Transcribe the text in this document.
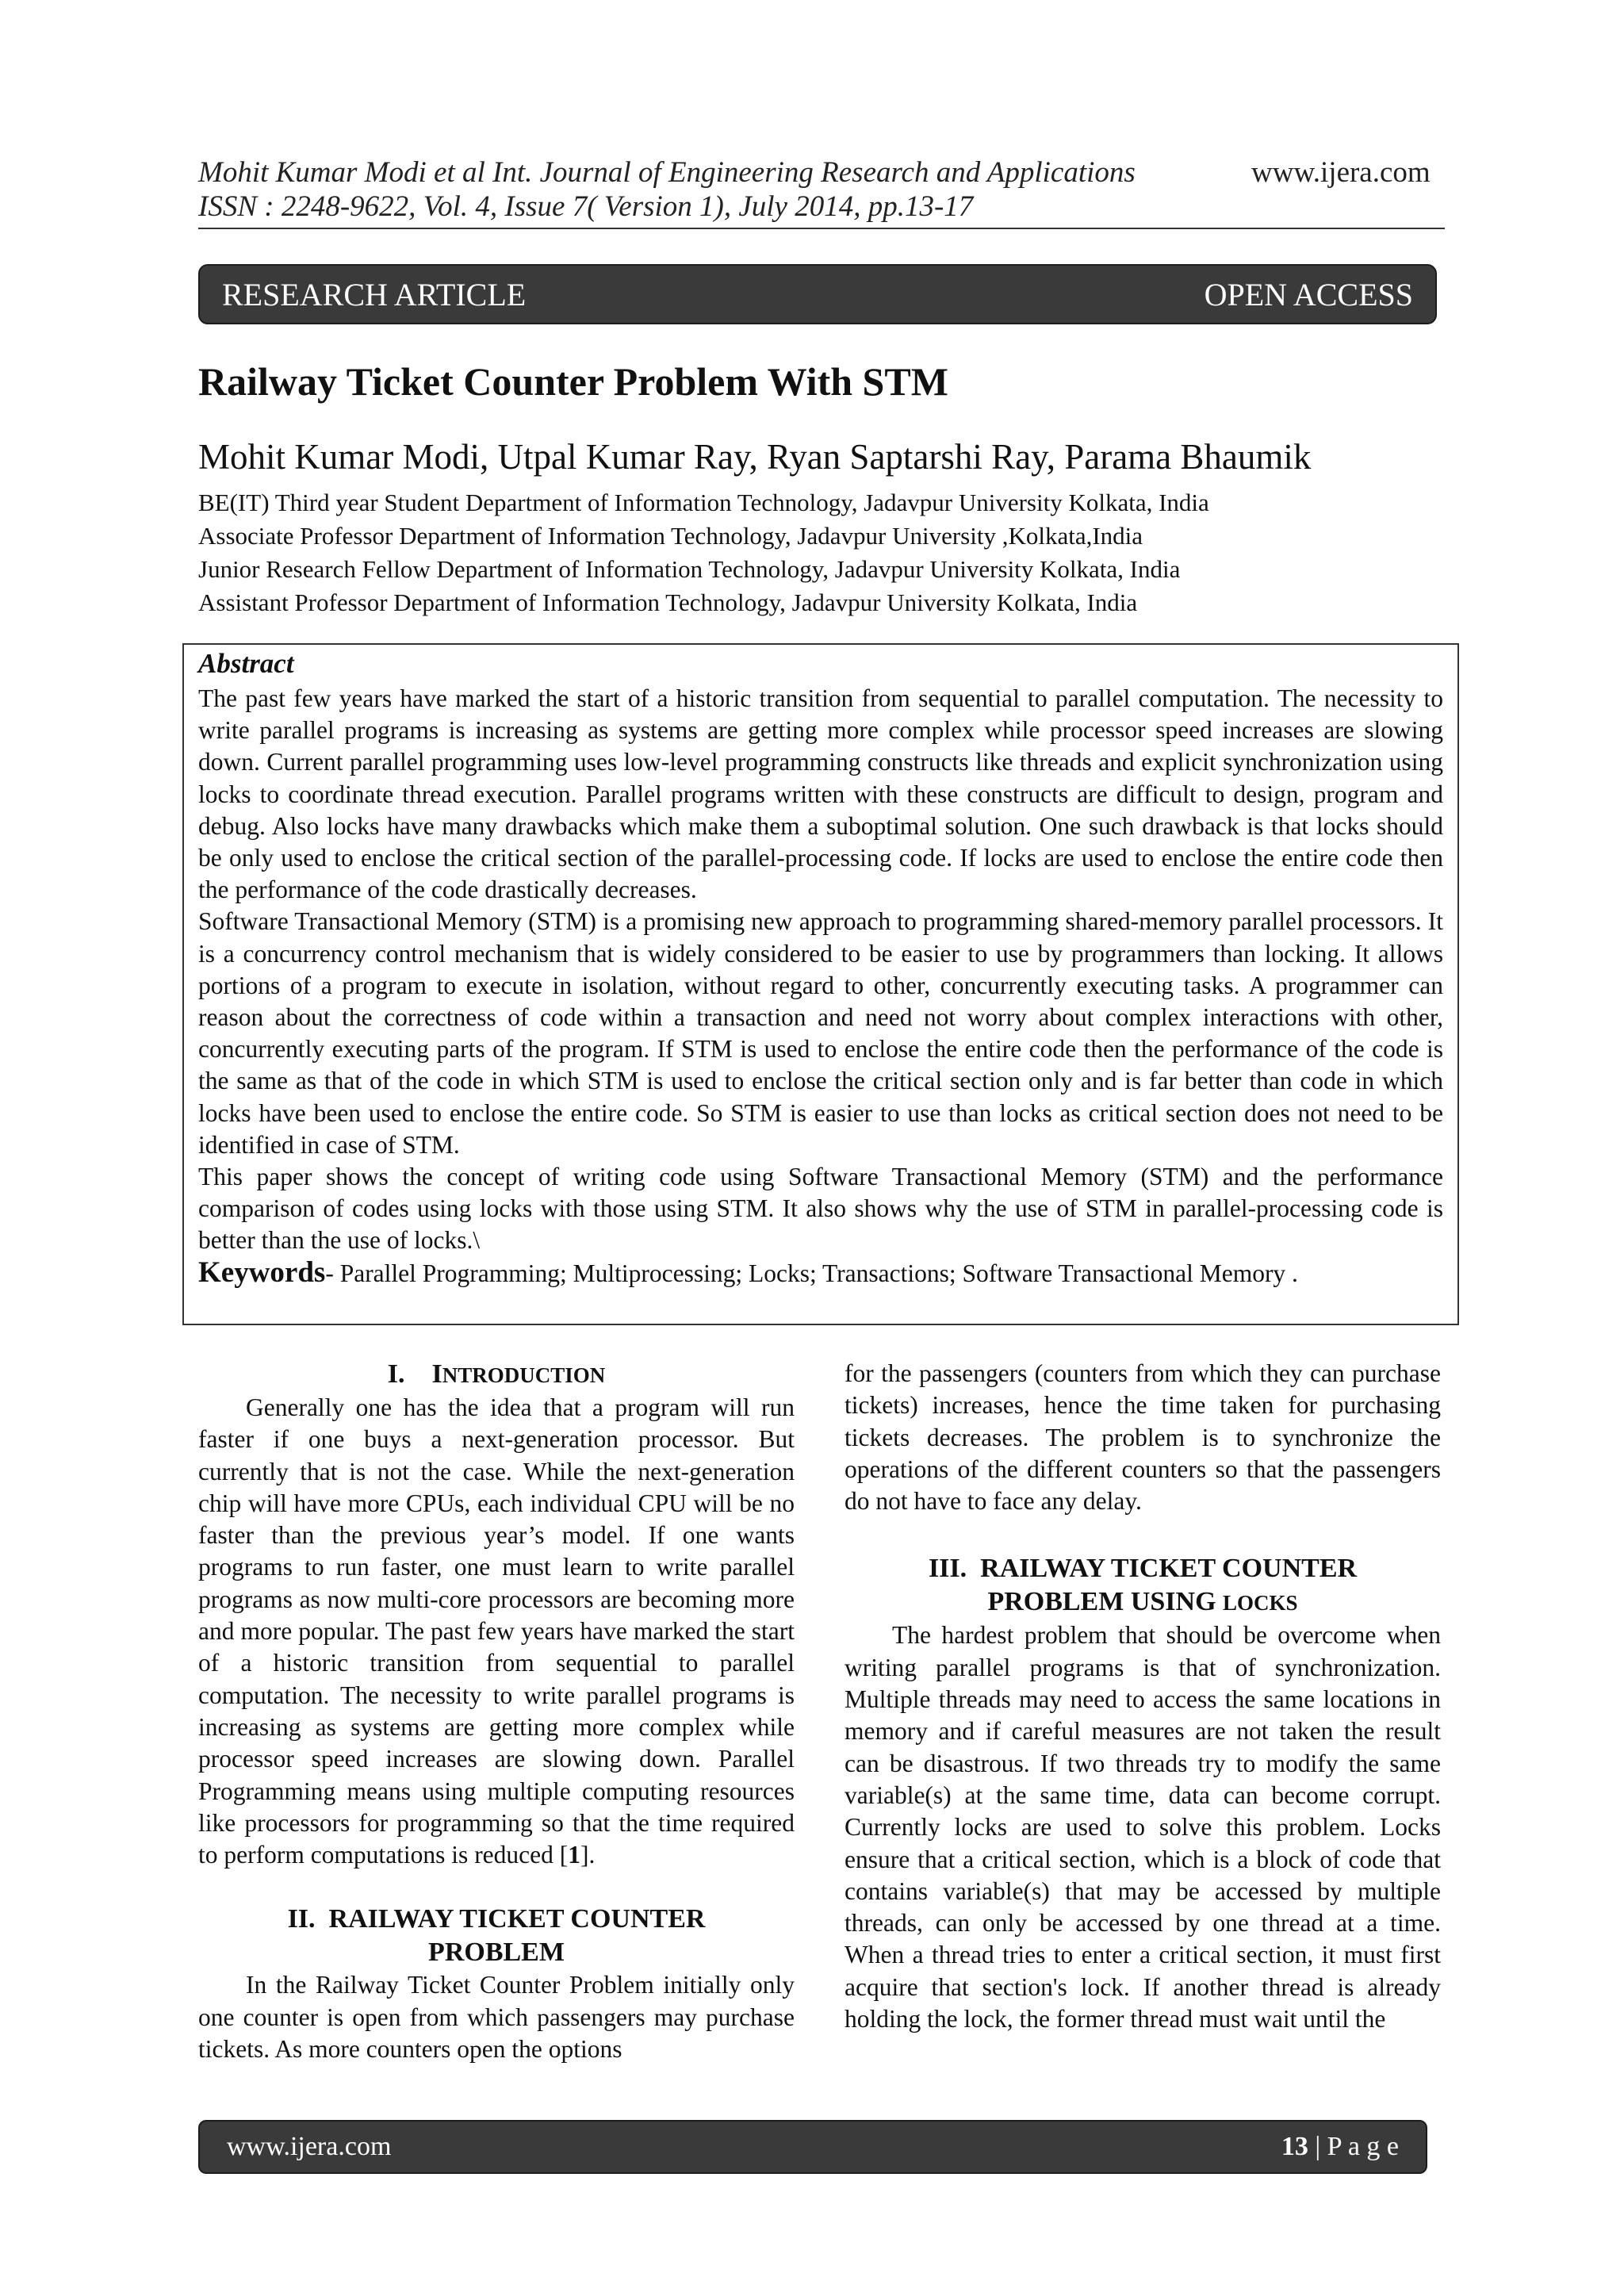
Mohit Kumar Modi et al Int. Journal of Engineering Research and Applications
ISSN : 2248-9622, Vol. 4, Issue 7( Version 1), July 2014, pp.13-17
www.ijera.com
RESEARCH ARTICLE	OPEN ACCESS
Railway Ticket Counter Problem With STM
Mohit Kumar Modi, Utpal Kumar Ray, Ryan Saptarshi Ray, Parama Bhaumik
BE(IT) Third year Student Department of Information Technology, Jadavpur University Kolkata, India
Associate Professor Department of Information Technology, Jadavpur University ,Kolkata,India
Junior Research Fellow Department of Information Technology, Jadavpur University Kolkata, India
Assistant Professor Department of Information Technology, Jadavpur University Kolkata, India
Abstract

The past few years have marked the start of a historic transition from sequential to parallel computation. The necessity to write parallel programs is increasing as systems are getting more complex while processor speed increases are slowing down. Current parallel programming uses low-level programming constructs like threads and explicit synchronization using locks to coordinate thread execution. Parallel programs written with these constructs are difficult to design, program and debug. Also locks have many drawbacks which make them a suboptimal solution. One such drawback is that locks should be only used to enclose the critical section of the parallel-processing code. If locks are used to enclose the entire code then the performance of the code drastically decreases.

Software Transactional Memory (STM) is a promising new approach to programming shared-memory parallel processors. It is a concurrency control mechanism that is widely considered to be easier to use by programmers than locking. It allows portions of a program to execute in isolation, without regard to other, concurrently executing tasks. A programmer can reason about the correctness of code within a transaction and need not worry about complex interactions with other, concurrently executing parts of the program. If STM is used to enclose the entire code then the performance of the code is the same as that of the code in which STM is used to enclose the critical section only and is far better than code in which locks have been used to enclose the entire code. So STM is easier to use than locks as critical section does not need to be identified in case of STM.

This paper shows the concept of writing code using Software Transactional Memory (STM) and the performance comparison of codes using locks with those using STM. It also shows why the use of STM in parallel-processing code is better than the use of locks.\

Keywords- Parallel Programming; Multiprocessing; Locks; Transactions; Software Transactional Memory .
I. INTRODUCTION

Generally one has the idea that a program will run faster if one buys a next-generation processor. But currently that is not the case. While the next-generation chip will have more CPUs, each individual CPU will be no faster than the previous year’s model. If one wants programs to run faster, one must learn to write parallel programs as now multi-core processors are becoming more and more popular. The past few years have marked the start of a historic transition from sequential to parallel computation. The necessity to write parallel programs is increasing as systems are getting more complex while processor speed increases are slowing down. Parallel Programming means using multiple computing resources like processors for programming so that the time required to perform computations is reduced [1].

II. RAILWAY TICKET COUNTER
PROBLEM

In the Railway Ticket Counter Problem initially only one counter is open from which passengers may purchase tickets. As more counters open the options

for the passengers (counters from which they can purchase tickets) increases, hence the time taken for purchasing tickets decreases. The problem is to synchronize the operations of the different counters so that the passengers do not have to face any delay.

III. RAILWAY TICKET COUNTER
PROBLEM USING LOCKS

The hardest problem that should be overcome when writing parallel programs is that of synchronization. Multiple threads may need to access the same locations in memory and if careful measures are not taken the result can be disastrous. If two threads try to modify the same variable(s) at the same time, data can become corrupt. Currently locks are used to solve this problem. Locks ensure that a critical section, which is a block of code that contains variable(s) that may be accessed by multiple threads, can only be accessed by one thread at a time. When a thread tries to enter a critical section, it must first acquire that section's lock. If another thread is already holding the lock, the former thread must wait until the

www.ijera.com	13 | P a g e
